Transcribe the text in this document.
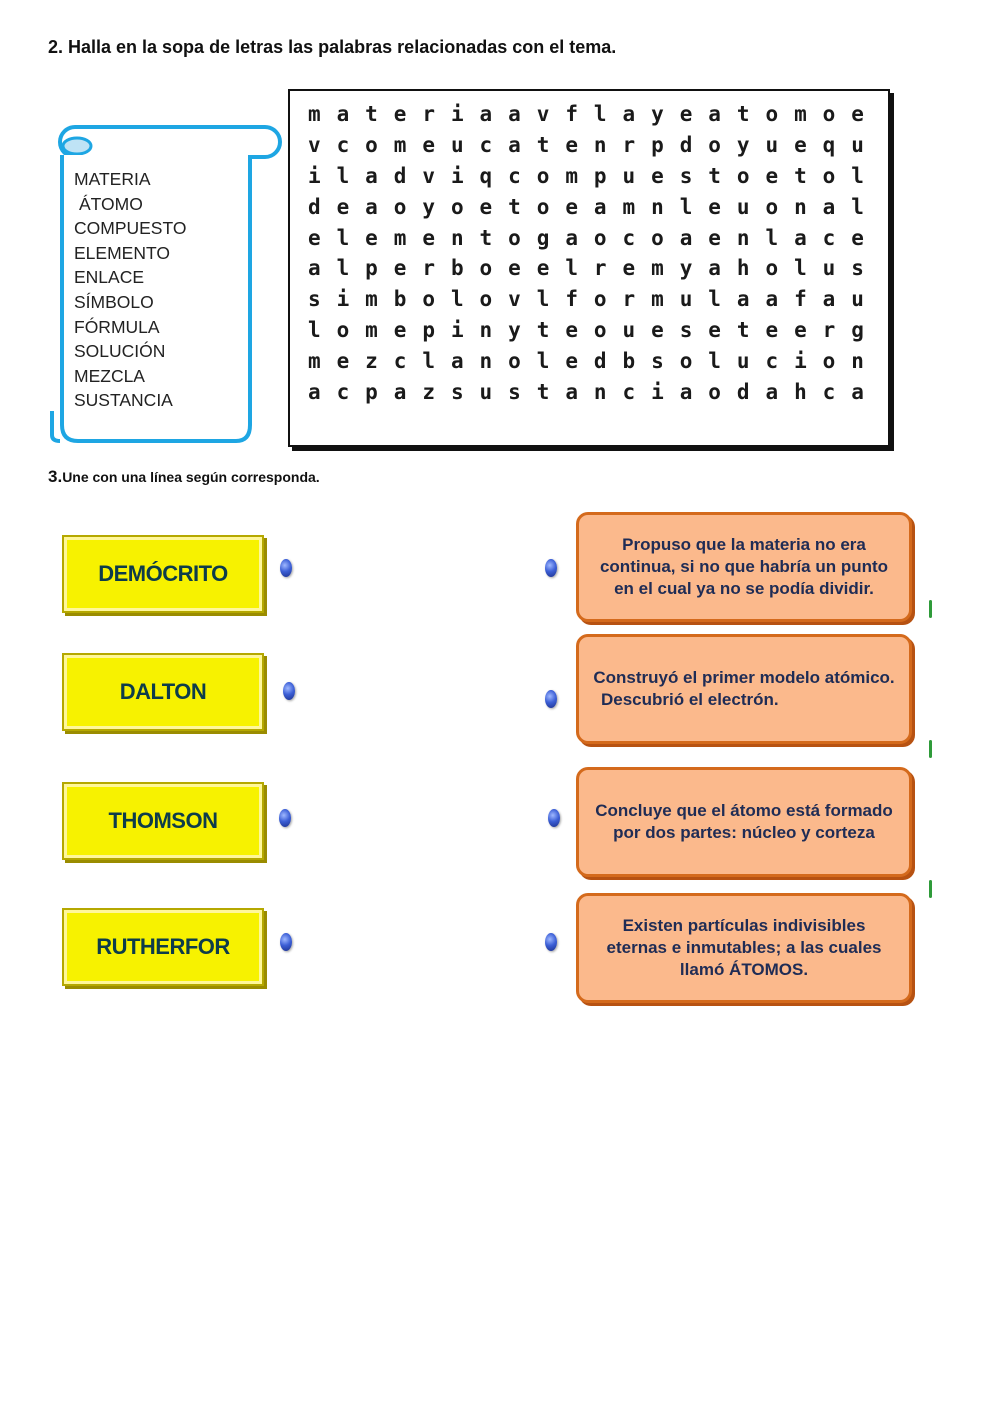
2. Halla en la sopa de letras las palabras relacionadas con el tema.
MATERIA
ÁTOMO
COMPUESTO
ELEMENTO
ENLACE
SÍMBOLO
FÓRMULA
SOLUCIÓN
MEZCLA
SUSTANCIA
m a t e r i a a v f l a y e a t o m o e
v c o m e u c a t e n r p d o y u e q u
i l a d v i q c o m p u e s t o e t o l
d e a o y o e t o e a m n l e u o n a l
e l e m e n t o g a o c o a e n l a c e
a l p e r b o e e l r e m y a h o l u s
s i m b o l o v l f o r m u l a a f a u
l o m e p i n y t e o u e s e t e e r g
m e z c l a n o l e d b s o l u c i o n
a c p a z s u s t a n c i a o d a h c a
3.Une con una línea según corresponda.
DEMÓCRITO
DALTON
THOMSON
RUTHERFOR
Propuso que la materia no era continua, si no que habría un punto en el cual ya no se podía dividir.
Construyó el primer modelo atómico.
Descubrió el electrón.
Concluye que el átomo está formado por dos partes: núcleo y corteza
Existen partículas indivisibles eternas e inmutables; a las cuales llamó ÁTOMOS.
